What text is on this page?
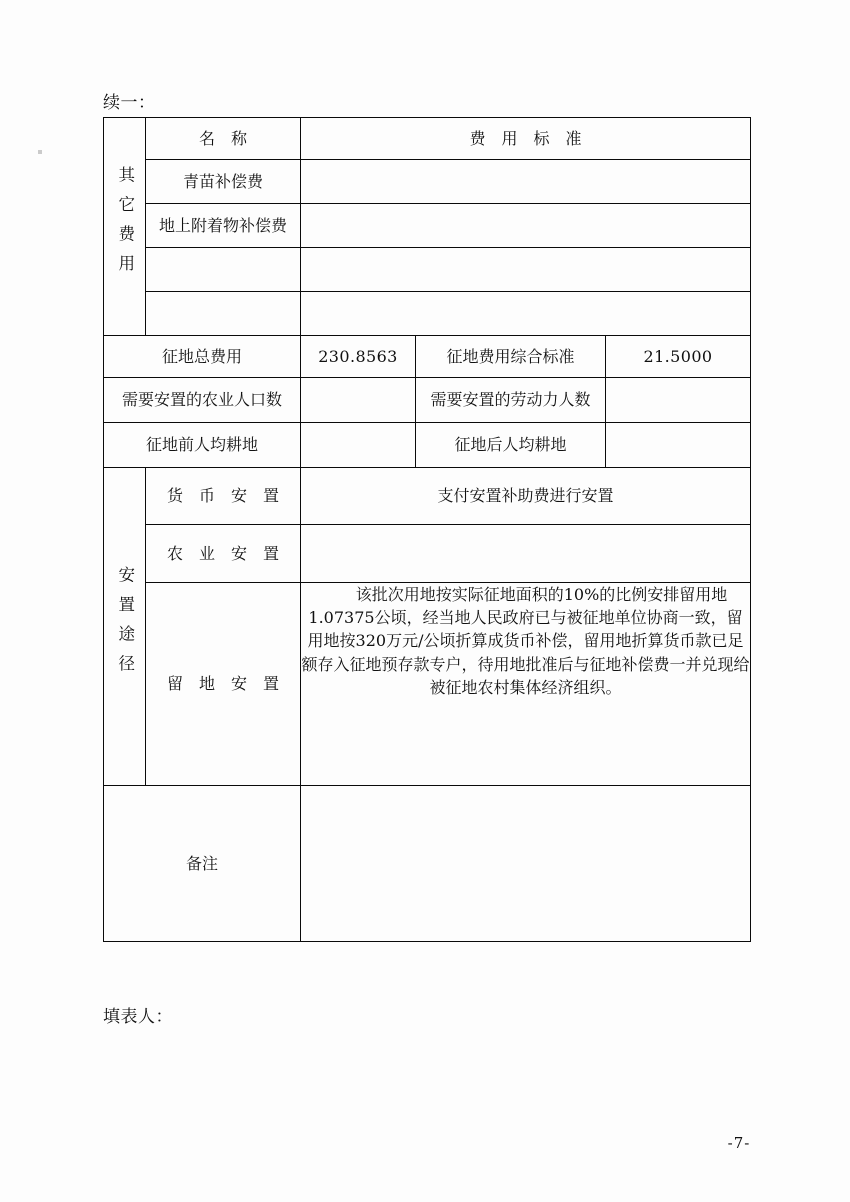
续一：
其它费用	名　称	费　用　标　准		
	青苗补偿费			
	地上附着物补偿费			

征地总费用		230.8563	征地费用综合标准	21.5000
需要安置的农业人口数			需要安置的劳动力人数	
征地前人均耕地			征地后人均耕地	
安置途径	货　币　安　置	支付安置补助费进行安置		
	农　业　安　置			
	留　地　安　置	该批次用地按实际征地面积的10%的比例安排留用地1.07375公顷，经当地人民政府已与被征地单位协商一致，留用地按320万元/公顷折算成货币补偿，留用地折算货币款已足额存入征地预存款专户，待用地批准后与征地补偿费一并兑现给被征地农村集体经济组织。		
备注				
填表人：
-7-
